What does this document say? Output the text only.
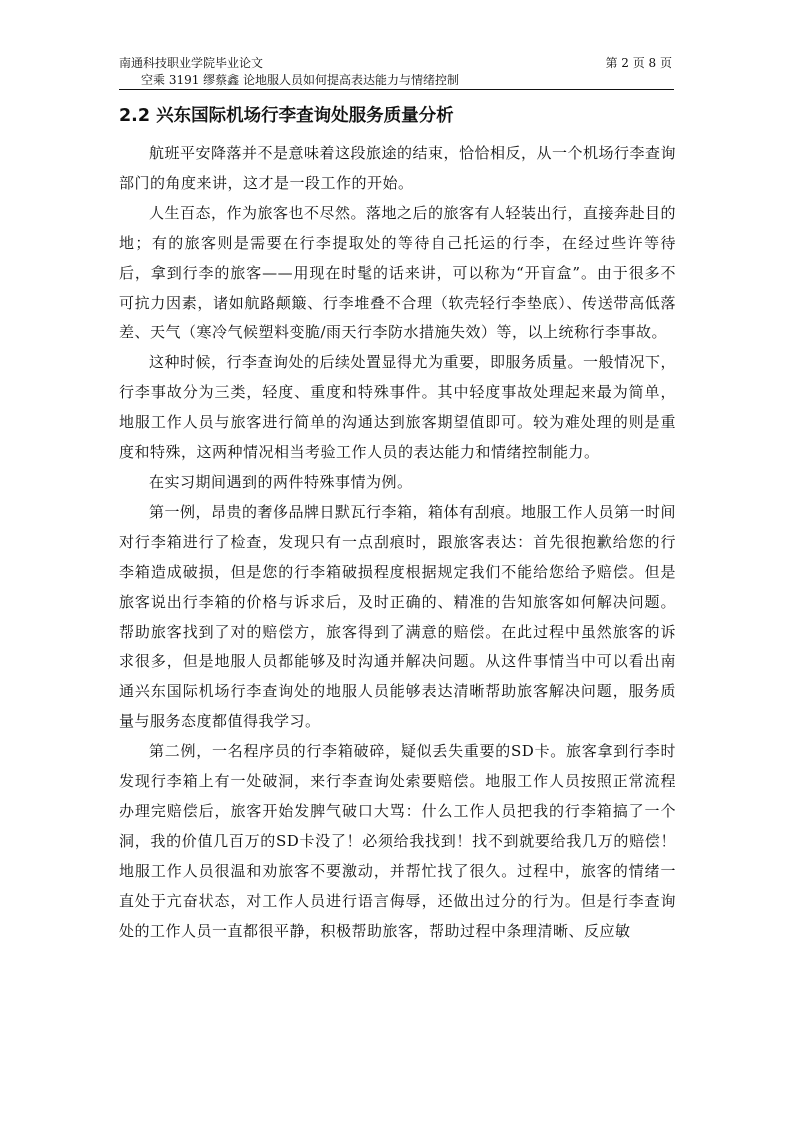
南通科技职业学院毕业论文
空乘 3191 缪蔡鑫 论地服人员如何提高表达能力与情绪控制
第 2 页 8 页
2.2 兴东国际机场行李查询处服务质量分析

航班平安降落并不是意味着这段旅途的结束，恰恰相反，从一个机场行李查询部门的角度来讲，这才是一段工作的开始。

人生百态，作为旅客也不尽然。落地之后的旅客有人轻装出行，直接奔赴目的地；有的旅客则是需要在行李提取处的等待自己托运的行李，在经过些许等待后，拿到行李的旅客——用现在时髦的话来讲，可以称为“开盲盒”。由于很多不可抗力因素，诸如航路颠簸、行李堆叠不合理（软壳轻行李垫底）、传送带高低落差、天气（寒冷气候塑料变脆/雨天行李防水措施失效）等，以上统称行李事故。

这种时候，行李查询处的后续处置显得尤为重要，即服务质量。一般情况下，行李事故分为三类，轻度、重度和特殊事件。其中轻度事故处理起来最为简单，地服工作人员与旅客进行简单的沟通达到旅客期望值即可。较为难处理的则是重度和特殊，这两种情况相当考验工作人员的表达能力和情绪控制能力。

在实习期间遇到的两件特殊事情为例。

第一例，昂贵的奢侈品牌日默瓦行李箱，箱体有刮痕。地服工作人员第一时间对行李箱进行了检查，发现只有一点刮痕时，跟旅客表达：首先很抱歉给您的行李箱造成破损，但是您的行李箱破损程度根据规定我们不能给您给予赔偿。但是旅客说出行李箱的价格与诉求后，及时正确的、精准的告知旅客如何解决问题。帮助旅客找到了对的赔偿方，旅客得到了满意的赔偿。在此过程中虽然旅客的诉求很多，但是地服人员都能够及时沟通并解决问题。从这件事情当中可以看出南通兴东国际机场行李查询处的地服人员能够表达清晰帮助旅客解决问题，服务质量与服务态度都值得我学习。

第二例，一名程序员的行李箱破碎，疑似丢失重要的SD卡。旅客拿到行李时发现行李箱上有一处破洞，来行李查询处索要赔偿。地服工作人员按照正常流程办理完赔偿后，旅客开始发脾气破口大骂：什么工作人员把我的行李箱搞了一个洞，我的价值几百万的SD卡没了！必须给我找到！找不到就要给我几万的赔偿！地服工作人员很温和劝旅客不要激动，并帮忙找了很久。过程中，旅客的情绪一直处于亢奋状态，对工作人员进行语言侮辱，还做出过分的行为。但是行李查询处的工作人员一直都很平静，积极帮助旅客，帮助过程中条理清晰、反应敏
